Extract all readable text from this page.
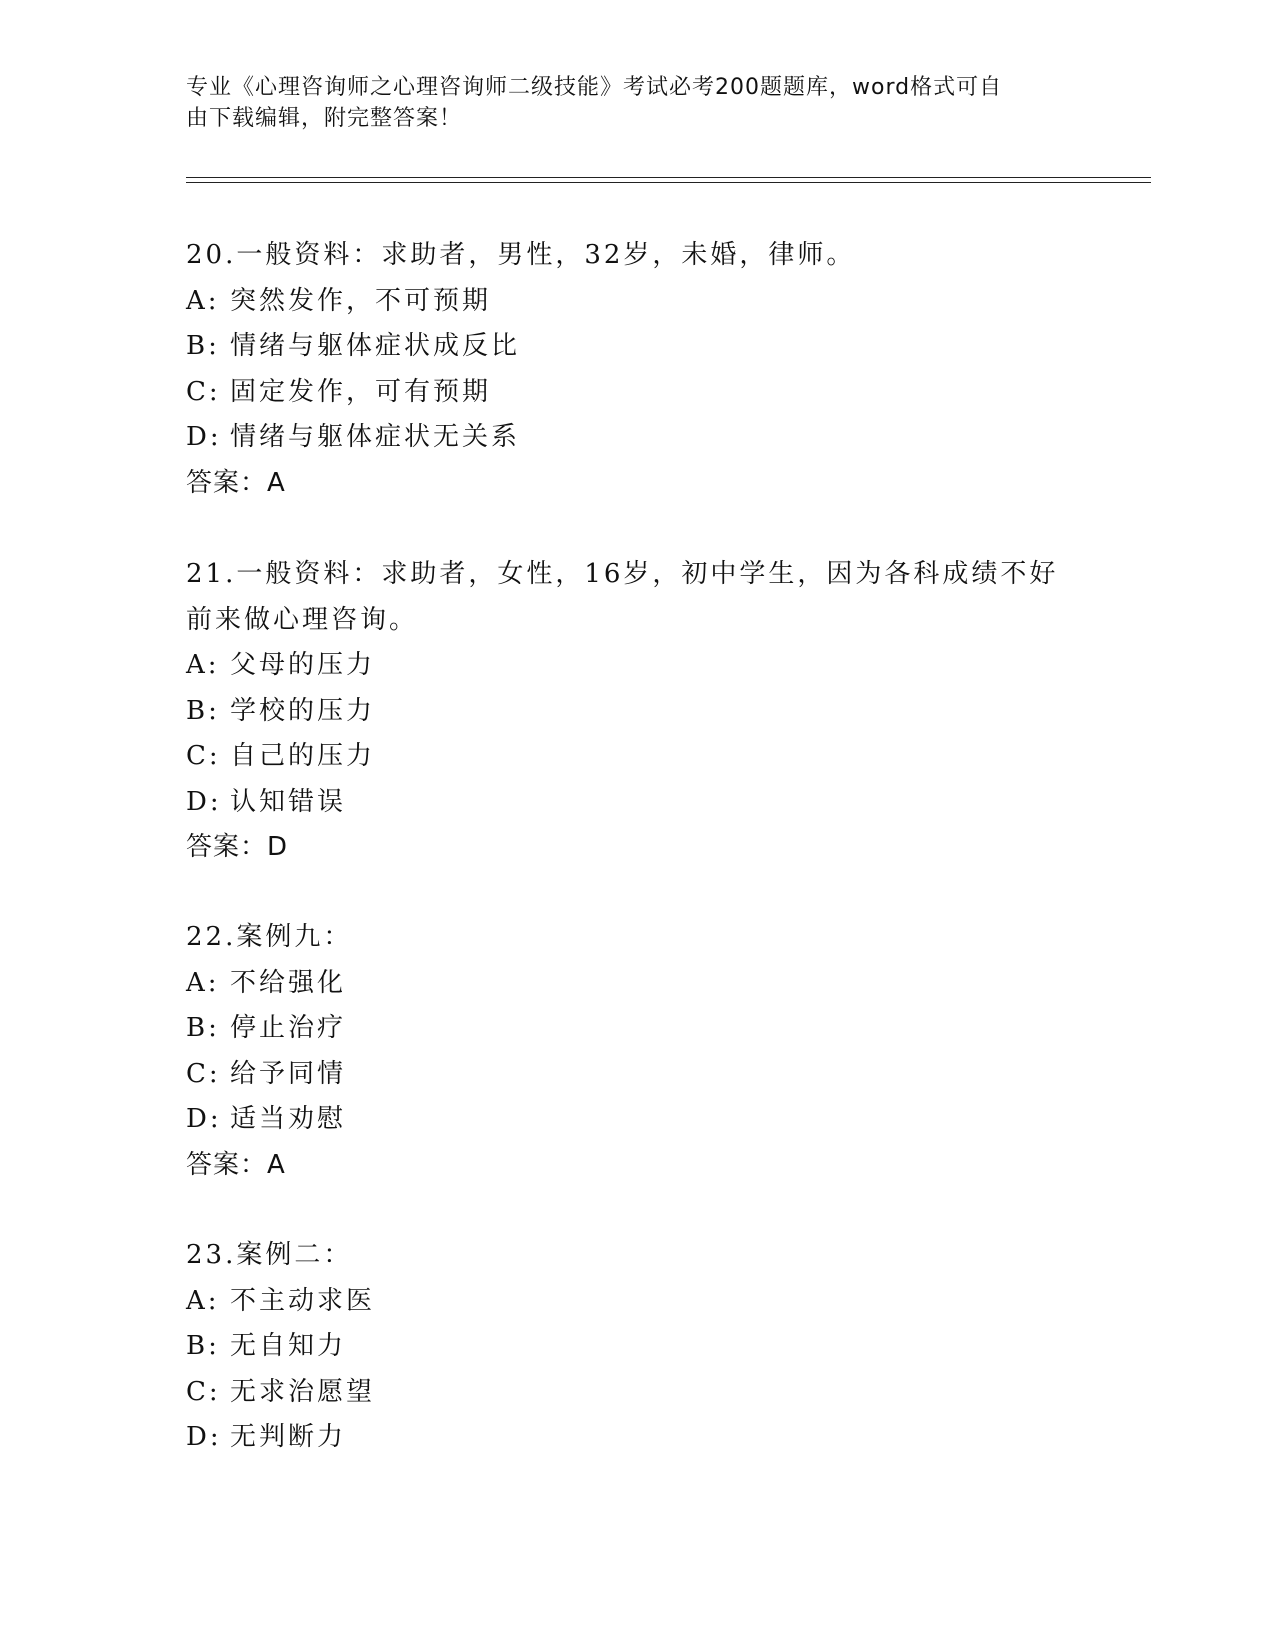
专业《心理咨询师之心理咨询师二级技能》考试必考200题题库，word格式可自
由下载编辑，附完整答案！

20.一般资料：求助者，男性，32岁，未婚，律师。

A: 突然发作，不可预期

B: 情绪与躯体症状成反比

C: 固定发作，可有预期

D: 情绪与躯体症状无关系

答案：A

21.一般资料：求助者，女性，16岁，初中学生，因为各科成绩不好前来做心理咨询。

A: 父母的压力

B: 学校的压力

C: 自己的压力

D: 认知错误

答案：D

22.案例九：

A: 不给强化

B: 停止治疗

C: 给予同情

D: 适当劝慰

答案：A

23.案例二：

A: 不主动求医

B: 无自知力

C: 无求治愿望

D: 无判断力
